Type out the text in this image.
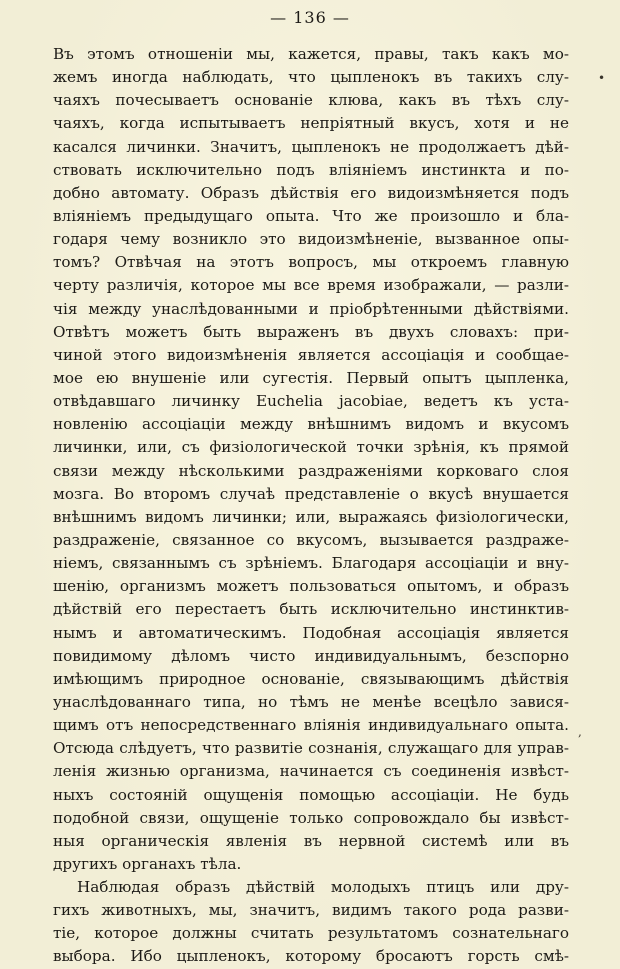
— 136 —
Въ этомъ отношеніи мы, кажется, правы, такъ какъ мо-
жемъ иногда наблюдать, что цыпленокъ въ такихъ слу-
чаяхъ почесываетъ основаніе клюва, какъ въ тѣхъ слу-
чаяхъ, когда испытываетъ непріятный вкусъ, хотя и не
касался личинки. Значитъ, цыпленокъ не продолжаетъ дѣй-
ствовать исключительно подъ вліяніемъ инстинкта и по-
добно автомату. Образъ дѣйствія его видоизмѣняется подъ
вліяніемъ предыдущаго опыта. Что же произошло и бла-
годаря чему возникло это видоизмѣненіе, вызванное опы-
томъ? Отвѣчая на этотъ вопросъ, мы откроемъ главную
черту различія, которое мы все время изображали, — разли-
чія между унаслѣдованными и пріобрѣтенными дѣйствіями.
Отвѣтъ можетъ быть выраженъ въ двухъ словахъ: при-
чиной этого видоизмѣненія является ассоціація и сообщае-
мое ею внушеніе или сугестія. Первый опытъ цыпленка,
отвѣдавшаго личинку Euchelia jacobiae, ведетъ къ уста-
новленію ассоціаціи между внѣшнимъ видомъ и вкусомъ
личинки, или, съ физіологической точки зрѣнія, къ прямой
связи между нѣсколькими раздраженіями корковаго слоя
мозга. Во второмъ случаѣ представленіе о вкусѣ внушается
внѣшнимъ видомъ личинки; или, выражаясь физіологически,
раздраженіе, связанное со вкусомъ, вызывается раздраже-
ніемъ, связаннымъ съ зрѣніемъ. Благодаря ассоціаціи и вну-
шенію, организмъ можетъ пользоваться опытомъ, и образъ
дѣйствій его перестаетъ быть исключительно инстинктив-
нымъ и автоматическимъ. Подобная ассоціація является
повидимому дѣломъ чисто индивидуальнымъ, безспорно
имѣющимъ природное основаніе, связывающимъ дѣйствія
унаслѣдованнаго типа, но тѣмъ не менѣе всецѣло завися-
щимъ отъ непосредственнаго вліянія индивидуальнаго опыта.
Отсюда слѣдуетъ, что развитіе сознанія, служащаго для управ-
ленія жизнью организма, начинается съ соединенія извѣст-
ныхъ состояній ощущенія помощью ассоціаціи. Не будь
подобной связи, ощущеніе только сопровождало бы извѣст-
ныя органическія явленія въ нервной системѣ или въ
другихъ органахъ тѣла.
Наблюдая образъ дѣйствій молодыхъ птицъ или дру-
гихъ животныхъ, мы, значитъ, видимъ такого рода разви-
тіе, которое должны считать результатомъ сознательнаго
выбора. Ибо цыпленокъ, которому бросаютъ горсть смѣ-
•
,
